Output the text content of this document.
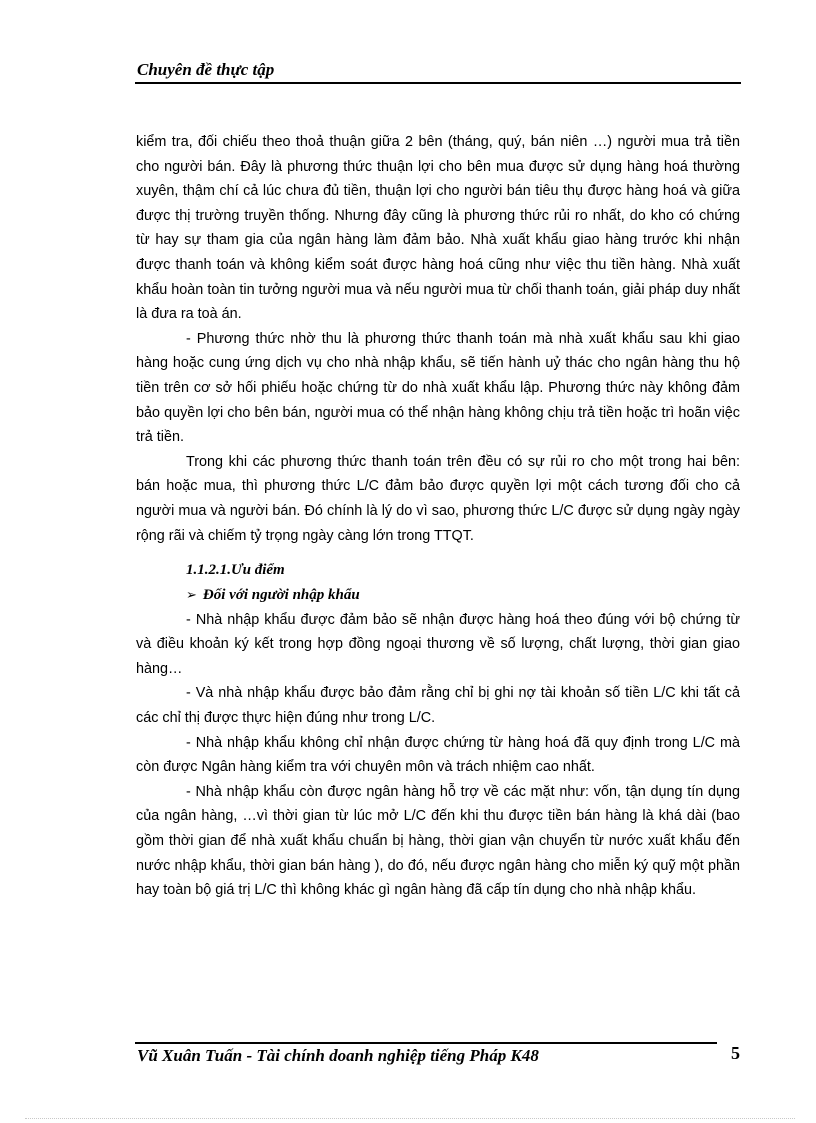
Chuyên đề thực tập

kiểm tra, đối chiếu theo thoả thuận giữa 2 bên (tháng, quý, bán niên …) người mua trả tiền cho người bán. Đây là phương thức thuận lợi cho bên mua được sử dụng hàng hoá thường xuyên, thậm chí cả lúc chưa đủ tiền, thuận lợi cho người bán tiêu thụ được hàng hoá và giữa được thị trường truyền thống. Nhưng đây cũng là phương thức rủi ro nhất, do kho có chứng từ hay sự tham gia của ngân hàng làm đảm bảo. Nhà xuất khẩu giao hàng trước khi nhận được thanh toán và không kiểm soát được hàng hoá cũng như việc thu tiền hàng. Nhà xuất khẩu hoàn toàn tin tưởng người mua và nếu người mua từ chối thanh toán, giải pháp duy nhất là đưa ra toà án.

- Phương thức nhờ thu là phương thức thanh toán mà nhà xuất khẩu sau khi giao hàng hoặc cung ứng dịch vụ cho nhà nhập khẩu, sẽ tiến hành uỷ thác cho ngân hàng thu hộ tiền trên cơ sở hối phiếu hoặc chứng từ do nhà xuất khẩu lập. Phương thức này không đảm bảo quyền lợi cho bên bán, người mua có thể nhận hàng không chịu trả tiền hoặc trì hoãn việc trả tiền.

Trong khi các phương thức thanh toán trên đều có sự rủi ro cho một trong hai bên: bán hoặc mua, thì phương thức L/C đảm bảo được quyền lợi một cách tương đối cho cả người mua và người bán. Đó chính là lý do vì sao, phương thức L/C được sử dụng ngày ngày rộng rãi và chiếm tỷ trọng ngày càng lớn trong TTQT.

1.1.2.1.Ưu điểm
➢ Đối với người nhập khẩu

- Nhà nhập khẩu được đảm bảo sẽ nhận được hàng hoá theo đúng với bộ chứng từ và điều khoản ký kết trong hợp đồng ngoại thương về số lượng, chất lượng, thời gian giao hàng…

- Và nhà nhập khẩu được bảo đảm rằng chỉ bị ghi nợ tài khoản số tiền L/C khi tất cả các chỉ thị được thực hiện đúng như trong L/C.

- Nhà nhập khẩu không chỉ nhận được chứng từ hàng hoá đã quy định trong L/C mà còn được Ngân hàng kiểm tra với chuyên môn và trách nhiệm cao nhất.

- Nhà nhập khẩu còn được ngân hàng hỗ trợ về các mặt như: vốn, tận dụng tín dụng của ngân hàng, …vì thời gian từ lúc mở L/C đến khi thu được tiền bán hàng là khá dài (bao gồm thời gian để nhà xuất khẩu chuẩn bị hàng, thời gian vận chuyển từ nước xuất khẩu đến nước nhập khẩu, thời gian bán hàng ), do đó, nếu được ngân hàng cho miễn ký quỹ một phần hay toàn bộ giá trị L/C thì không khác gì ngân hàng đã cấp tín dụng cho nhà nhập khẩu.

Vũ Xuân Tuấn - Tài chính doanh nghiệp tiếng Pháp K48	5
